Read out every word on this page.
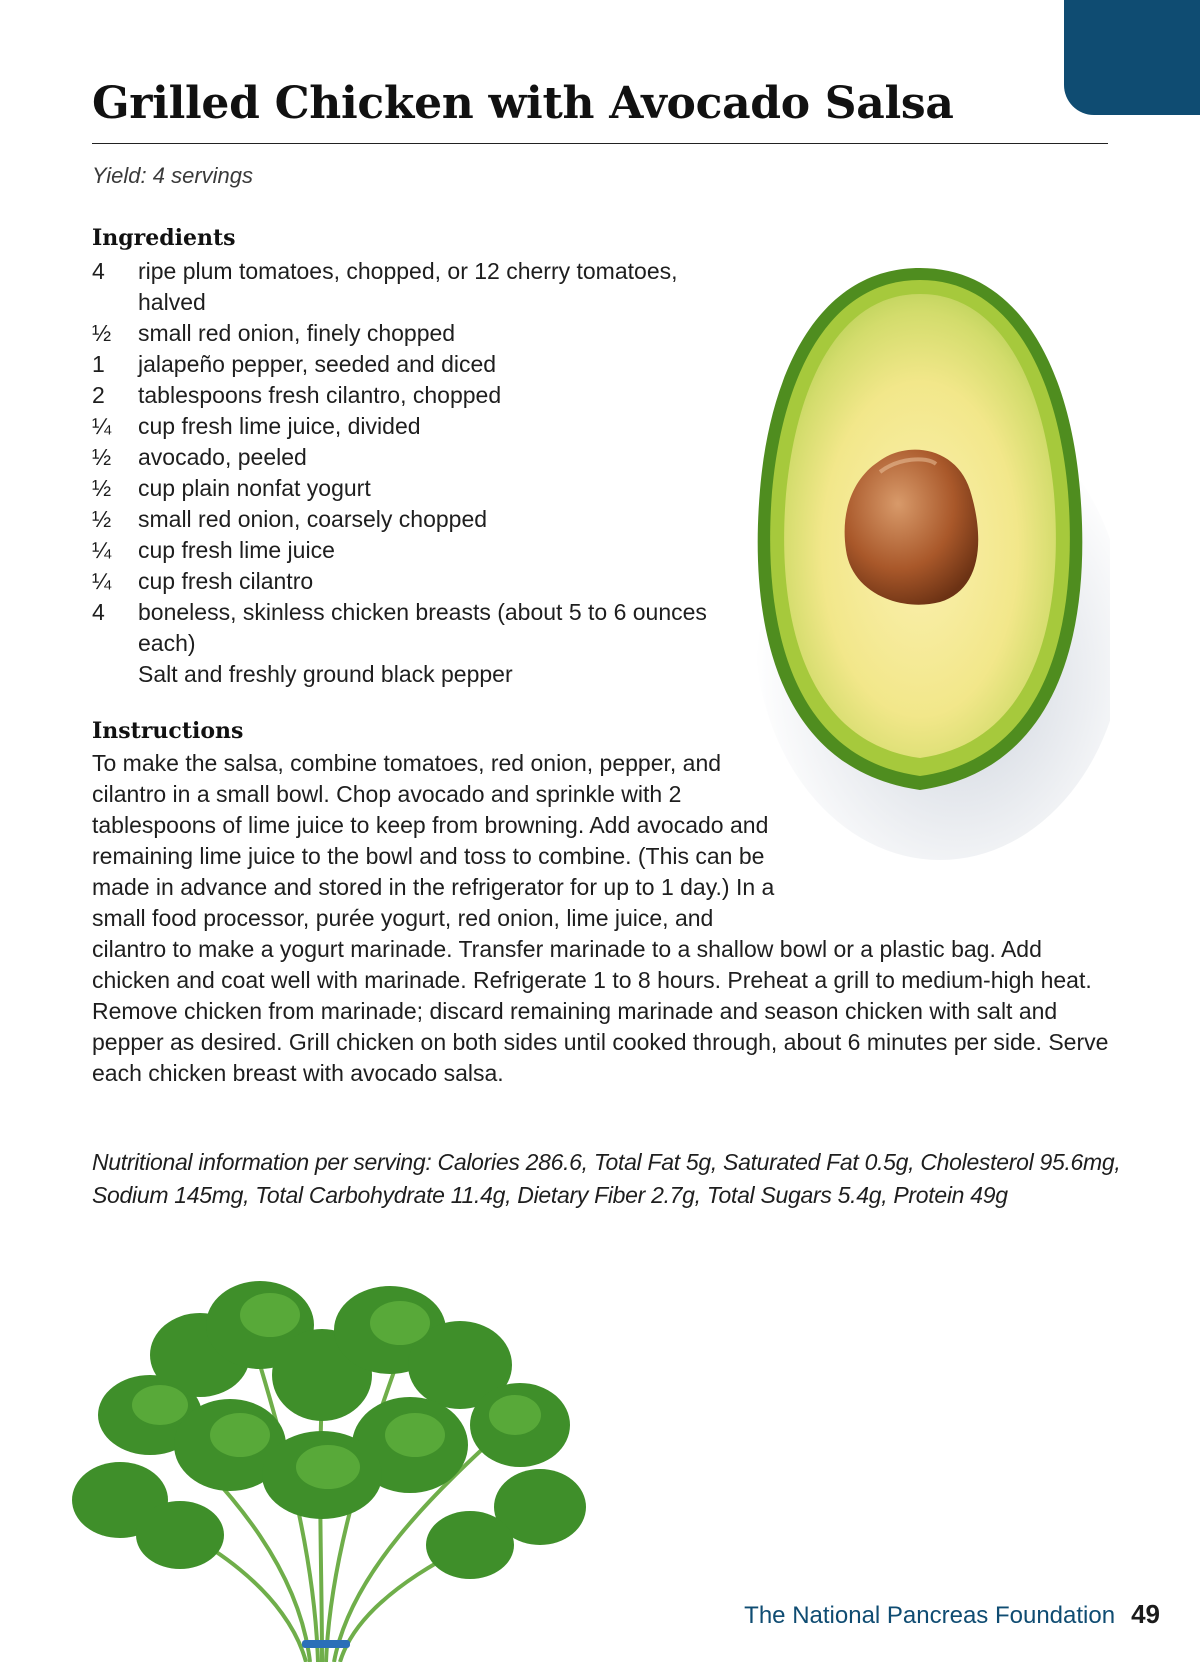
Grilled Chicken with Avocado Salsa
Yield: 4 servings
Ingredients
4	ripe plum tomatoes, chopped, or 12 cherry tomatoes, halved
½	small red onion, finely chopped
1	jalapeño pepper, seeded and diced
2	tablespoons fresh cilantro, chopped
¼	cup fresh lime juice, divided
½	avocado, peeled
½	cup plain nonfat yogurt
½	small red onion, coarsely chopped
¼	cup fresh lime juice
¼	cup fresh cilantro
4	boneless, skinless chicken breasts (about 5 to 6 ounces each)
Salt and freshly ground black pepper
Instructions
To make the salsa, combine tomatoes, red onion, pepper, and cilantro in a small bowl. Chop avocado and sprinkle with 2 tablespoons of lime juice to keep from browning. Add avocado and remaining lime juice to the bowl and toss to combine. (This can be made in advance and stored in the refrigerator for up to 1 day.) In a small food processor, purée yogurt, red onion, lime juice, and cilantro to make a yogurt marinade. Transfer marinade to a shallow bowl or a plastic bag. Add chicken and coat well with marinade. Refrigerate 1 to 8 hours. Preheat a grill to medium-high heat. Remove chicken from marinade; discard remaining marinade and season chicken with salt and pepper as desired. Grill chicken on both sides until cooked through, about 6 minutes per side. Serve each chicken breast with avocado salsa.

Nutritional information per serving: Calories 286.6, Total Fat 5g, Saturated Fat 0.5g, Cholesterol 95.6mg, Sodium 145mg, Total Carbohydrate 11.4g, Dietary Fiber 2.7g, Total Sugars 5.4g, Protein 49g

The National Pancreas Foundation 49
